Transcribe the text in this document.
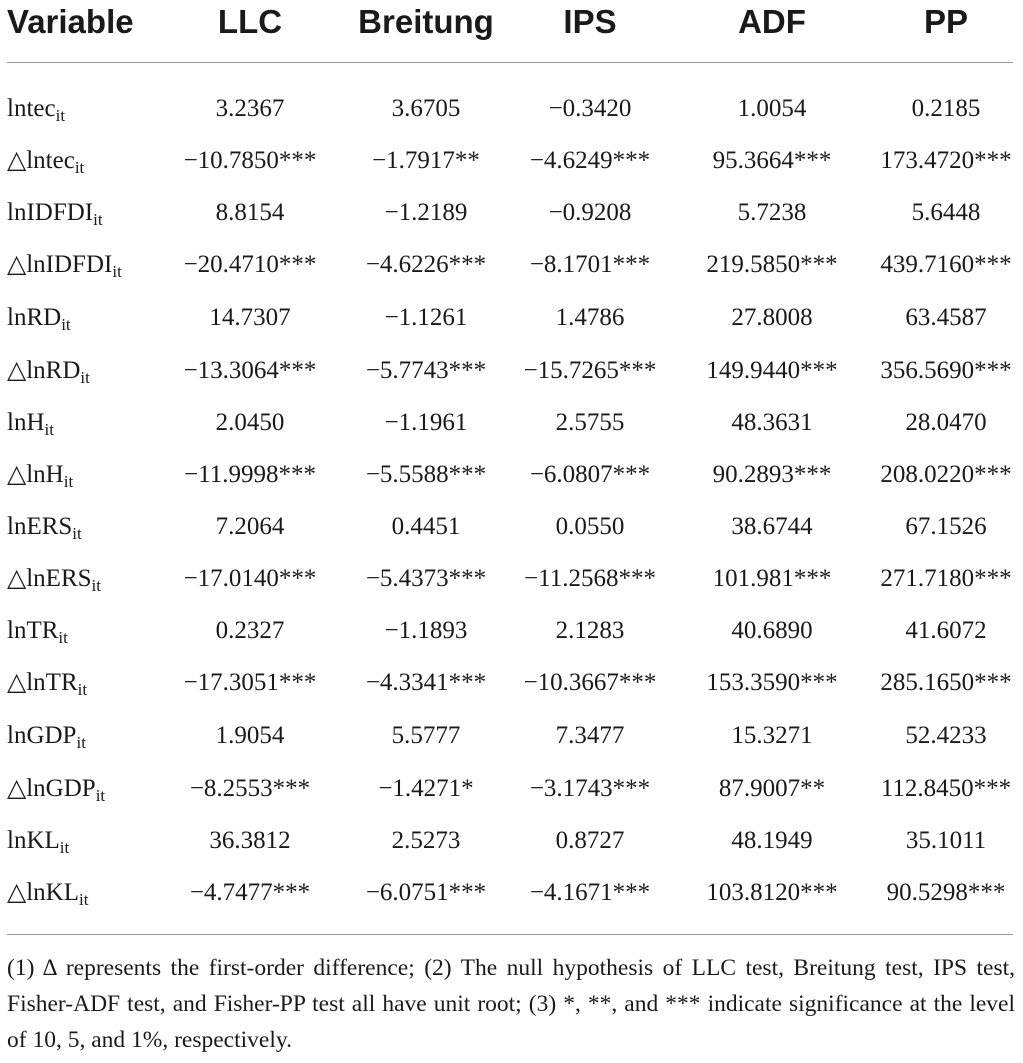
Variable	LLC Breitung IPS	ADF	PP
lntec$_{it}$	3.2367	3.6705	−0.3420	1.0054	0.2185
△lntec$_{it}$	−10.7850*** −1.7917** −4.6249*** 95.3664*** 173.4720***
lnIDFDI$_{it}$	8.8154	−1.2189	−0.9208	5.7238	5.6448
△lnIDFDI$_{it}$ −20.4710*** −4.6226*** −8.1701*** 219.5850*** 439.7160***
lnRD$_{it}$	14.7307	−1.1261	1.4786	27.8008	63.4587
△lnRD$_{it}$	−13.3064*** −5.7743*** −15.7265*** 149.9440*** 356.5690***
lnH$_{it}$	2.0450	−1.1961	2.5755	48.3631	28.0470
△lnH$_{it}$	−11.9998*** −5.5588*** −6.0807*** 90.2893*** 208.0220***
lnERS$_{it}$	7.2064	0.4451	0.0550	38.6744	67.1526
△lnERS$_{it}$	−17.0140*** −5.4373*** −11.2568*** 101.981*** 271.7180***
lnTR$_{it}$	0.2327	−1.1893	2.1283	40.6890	41.6072
△lnTR$_{it}$	−17.3051*** −4.3341*** −10.3667*** 153.3590*** 285.1650***
lnGDP$_{it}$	1.9054	5.5777	7.3477	15.3271	52.4233
△lnGDP$_{it}$	−8.2553***	−1.4271* −3.1743***	87.9007** 112.8450***
lnKL$_{it}$	36.3812	2.5273	0.8727	48.1949	35.1011
△lnKL$_{it}$	−4.7477*** −6.0751*** −4.1671*** 103.8120*** 90.5298***
(1) Δ represents the first-order difference; (2) The null hypothesis of LLC test, Breitung test, IPS test, Fisher-ADF test, and Fisher-PP test all have unit root; (3) *, **, and *** indicate significance at the level of 10, 5, and 1%, respectively.
